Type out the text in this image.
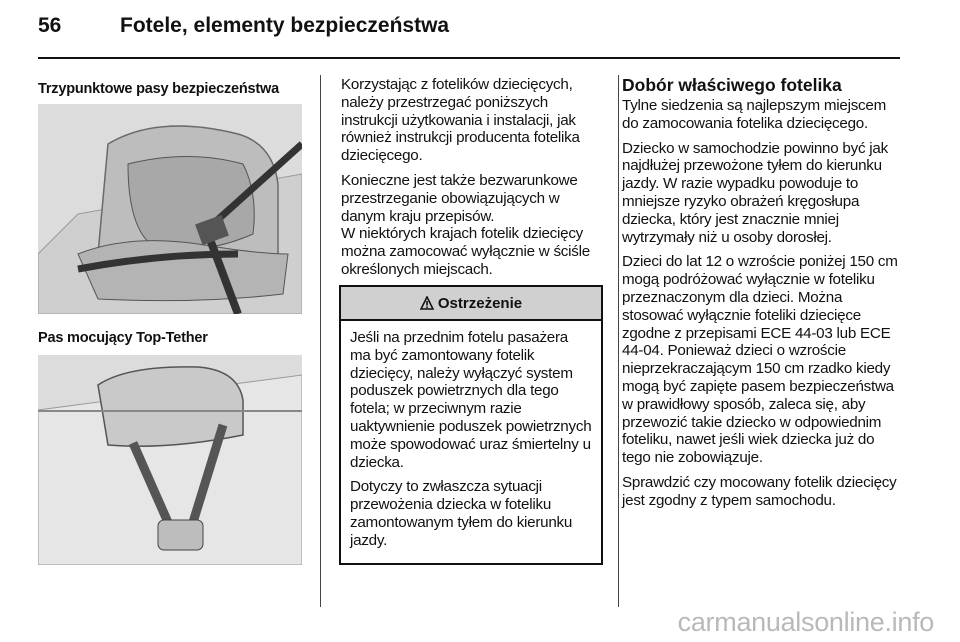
56	Fotele, elementy bezpieczeństwa
Trzypunktowe pasy bezpieczeństwa
Pas mocujący Top-Tether

Korzystając z fotelików dziecięcych, należy przestrzegać poniższych instrukcji użytkowania i instalacji, jak również instrukcji producenta fotelika dziecięcego.

Konieczne jest także bezwarunkowe przestrzeganie obowiązujących w danym kraju przepisów.

W niektórych krajach fotelik dziecięcy można zamocować wyłącznie w ściśle określonych miejscach.

Ostrzeżenie

Jeśli na przednim fotelu pasażera ma być zamontowany fotelik dziecięcy, należy wyłączyć system poduszek powietrznych dla tego fotela; w przeciwnym razie uaktywnienie poduszek powietrznych może spowodować uraz śmiertelny u dziecka.

Dotyczy to zwłaszcza sytuacji przewożenia dziecka w foteliku zamontowanym tyłem do kierunku jazdy.

Dobór właściwego fotelika

Tylne siedzenia są najlepszym miejscem do zamocowania fotelika dziecięcego.

Dziecko w samochodzie powinno być jak najdłużej przewożone tyłem do kierunku jazdy. W razie wypadku powoduje to mniejsze ryzyko obrażeń kręgosłupa dziecka, który jest znacznie mniej wytrzymały niż u osoby dorosłej.

Dzieci do lat 12 o wzroście poniżej 150 cm mogą podróżować wyłącznie w foteliku przeznaczonym dla dzieci. Można stosować wyłącznie foteliki dziecięce zgodne z przepisami ECE 44-03 lub ECE 44-04. Ponieważ dzieci o wzroście nieprzekraczającym 150 cm rzadko kiedy mogą być zapięte pasem bezpieczeństwa w prawidłowy sposób, zaleca się, aby przewozić takie dziecko w odpowiednim foteliku, nawet jeśli wiek dziecka już do tego nie zobowiązuje.

Sprawdzić czy mocowany fotelik dziecięcy jest zgodny z typem samochodu.

carmanualsonline.info
